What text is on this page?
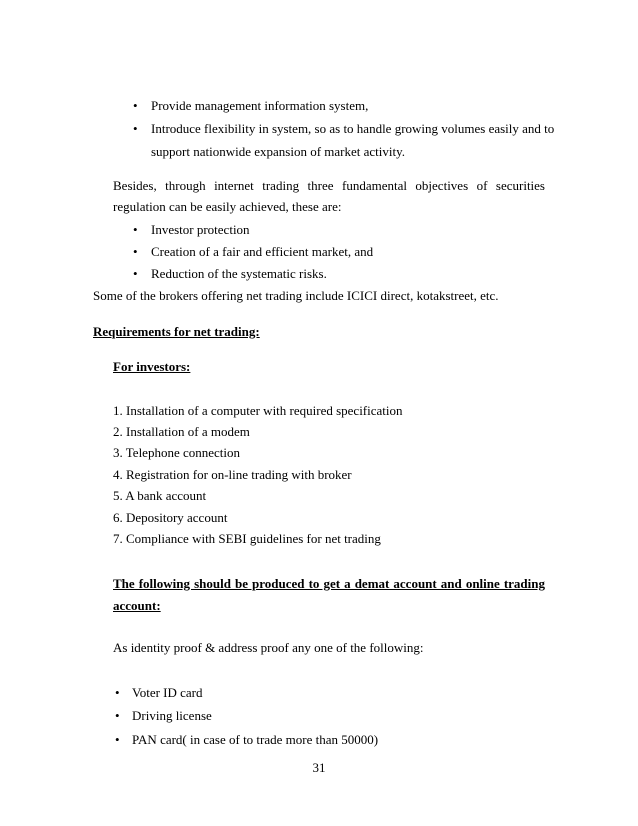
• Provide management information system,
• Introduce flexibility in system, so as to handle growing volumes easily and to
support nationwide expansion of market activity.
Besides, through internet trading three fundamental objectives of securities
regulation can be easily achieved, these are:
• Investor protection
• Creation of a fair and efficient market, and
• Reduction of the systematic risks.
Some of the brokers offering net trading include ICICI direct, kotakstreet, etc.
Requirements for net trading:
For investors:
1. Installation of a computer with required specification
2. Installation of a modem
3. Telephone connection
4. Registration for on-line trading with broker
5. A bank account
6. Depository account
7. Compliance with SEBI guidelines for net trading
The following should be produced to get a demat account and online trading
account:
As identity proof & address proof any one of the following:
• Voter ID card
• Driving license
• PAN card( in case of to trade more than 50000)
31
